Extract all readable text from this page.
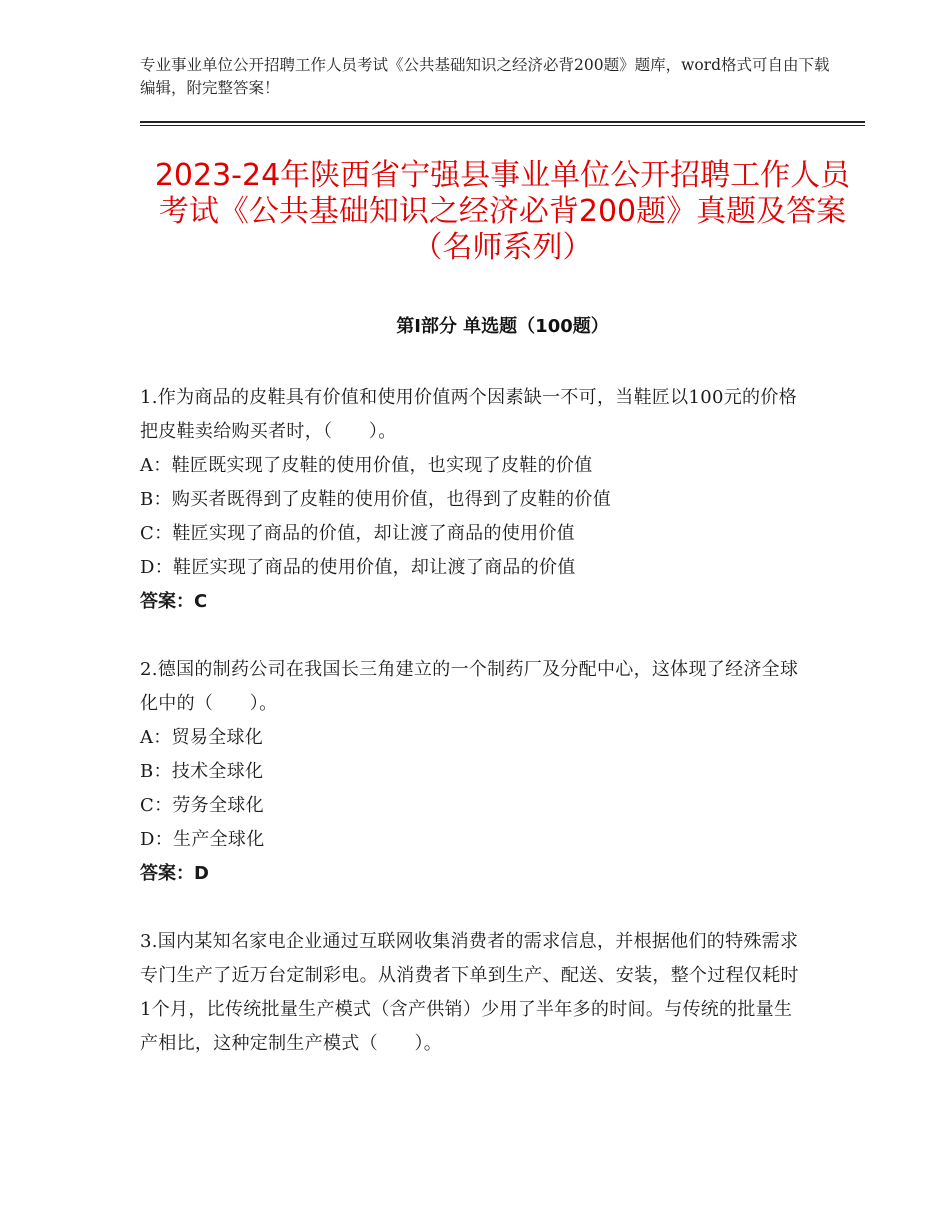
专业事业单位公开招聘工作人员考试《公共基础知识之经济必背200题》题库，word格式可自由下载编辑，附完整答案！
2023-24年陕西省宁强县事业单位公开招聘工作人员考试《公共基础知识之经济必背200题》真题及答案（名师系列）
第Ⅰ部分 单选题（100题）
1.作为商品的皮鞋具有价值和使用价值两个因素缺一不可，当鞋匠以100元的价格把皮鞋卖给购买者时，（　　）。
A：鞋匠既实现了皮鞋的使用价值，也实现了皮鞋的价值
B：购买者既得到了皮鞋的使用价值，也得到了皮鞋的价值
C：鞋匠实现了商品的价值，却让渡了商品的使用价值
D：鞋匠实现了商品的使用价值，却让渡了商品的价值
答案：C
2.德国的制药公司在我国长三角建立的一个制药厂及分配中心，这体现了经济全球化中的（　　）。
A：贸易全球化
B：技术全球化
C：劳务全球化
D：生产全球化
答案：D
3.国内某知名家电企业通过互联网收集消费者的需求信息，并根据他们的特殊需求专门生产了近万台定制彩电。从消费者下单到生产、配送、安装，整个过程仅耗时1个月，比传统批量生产模式（含产供销）少用了半年多的时间。与传统的批量生产相比，这种定制生产模式（　　）。
